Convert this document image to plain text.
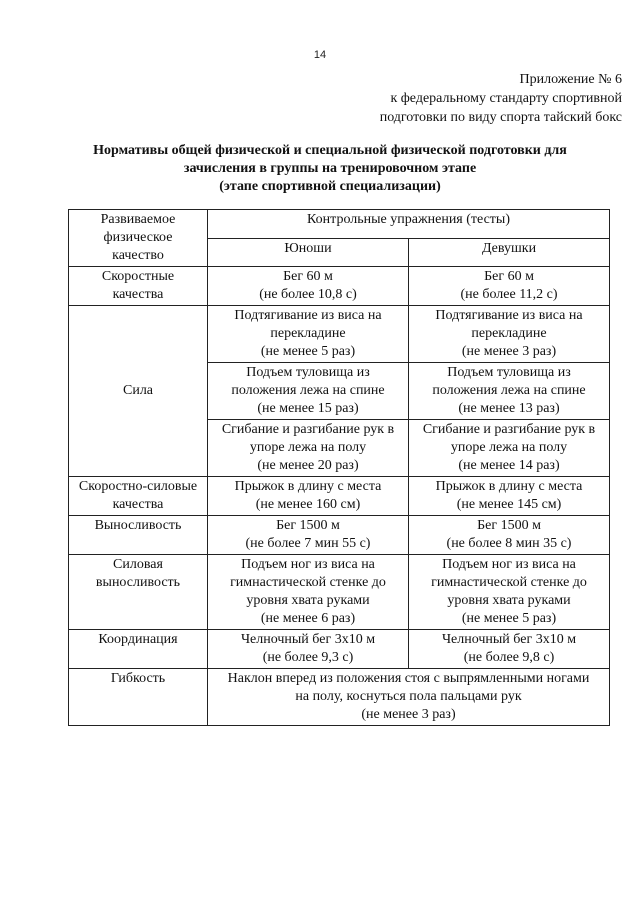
14
Приложение № 6
к федеральному стандарту спортивной
подготовки по виду спорта тайский бокс
Нормативы общей физической и специальной физической подготовки для
зачисления в группы на тренировочном этапе
(этапе спортивной специализации)
Развиваемое
физическое
качество	Контрольные упражнения (тесты)	
	Юноши	Девушки

Скоростные
качества	Бег 60 м
(не более 10,8 с)	Бег 60 м
(не более 11,2 с)

Сила	Подтягивание из виса на
перекладине
(не менее 5 раз)	Подтягивание из виса на
перекладине
(не менее 3 раз)

	Подъем туловища из
положения лежа на спине
(не менее 15 раз)	Подъем туловища из
положения лежа на спине
(не менее 13 раз)

	Сгибание и разгибание рук в
упоре лежа на полу
(не менее 20 раз)	Сгибание и разгибание рук в
упоре лежа на полу
(не менее 14 раз)

Скоростно-силовые
качества	Прыжок в длину с места
(не менее 160 см)	Прыжок в длину с места
(не менее 145 см)

Выносливость	Бег 1500 м
(не более 7 мин 55 с)	Бег 1500 м
(не более 8 мин 35 с)

Силовая
выносливость	Подъем ног из виса на
гимнастической стенке до
уровня хвата руками
(не менее 6 раз)	Подъем ног из виса на
гимнастической стенке до
уровня хвата руками
(не менее 5 раз)

Координация	Челночный бег 3x10 м
(не более 9,3 с)	Челночный бег 3x10 м
(не более 9,8 с)

Гибкость	Наклон вперед из положения стоя с выпрямленными ногами
на полу, коснуться пола пальцами рук
(не менее 3 раз)	
